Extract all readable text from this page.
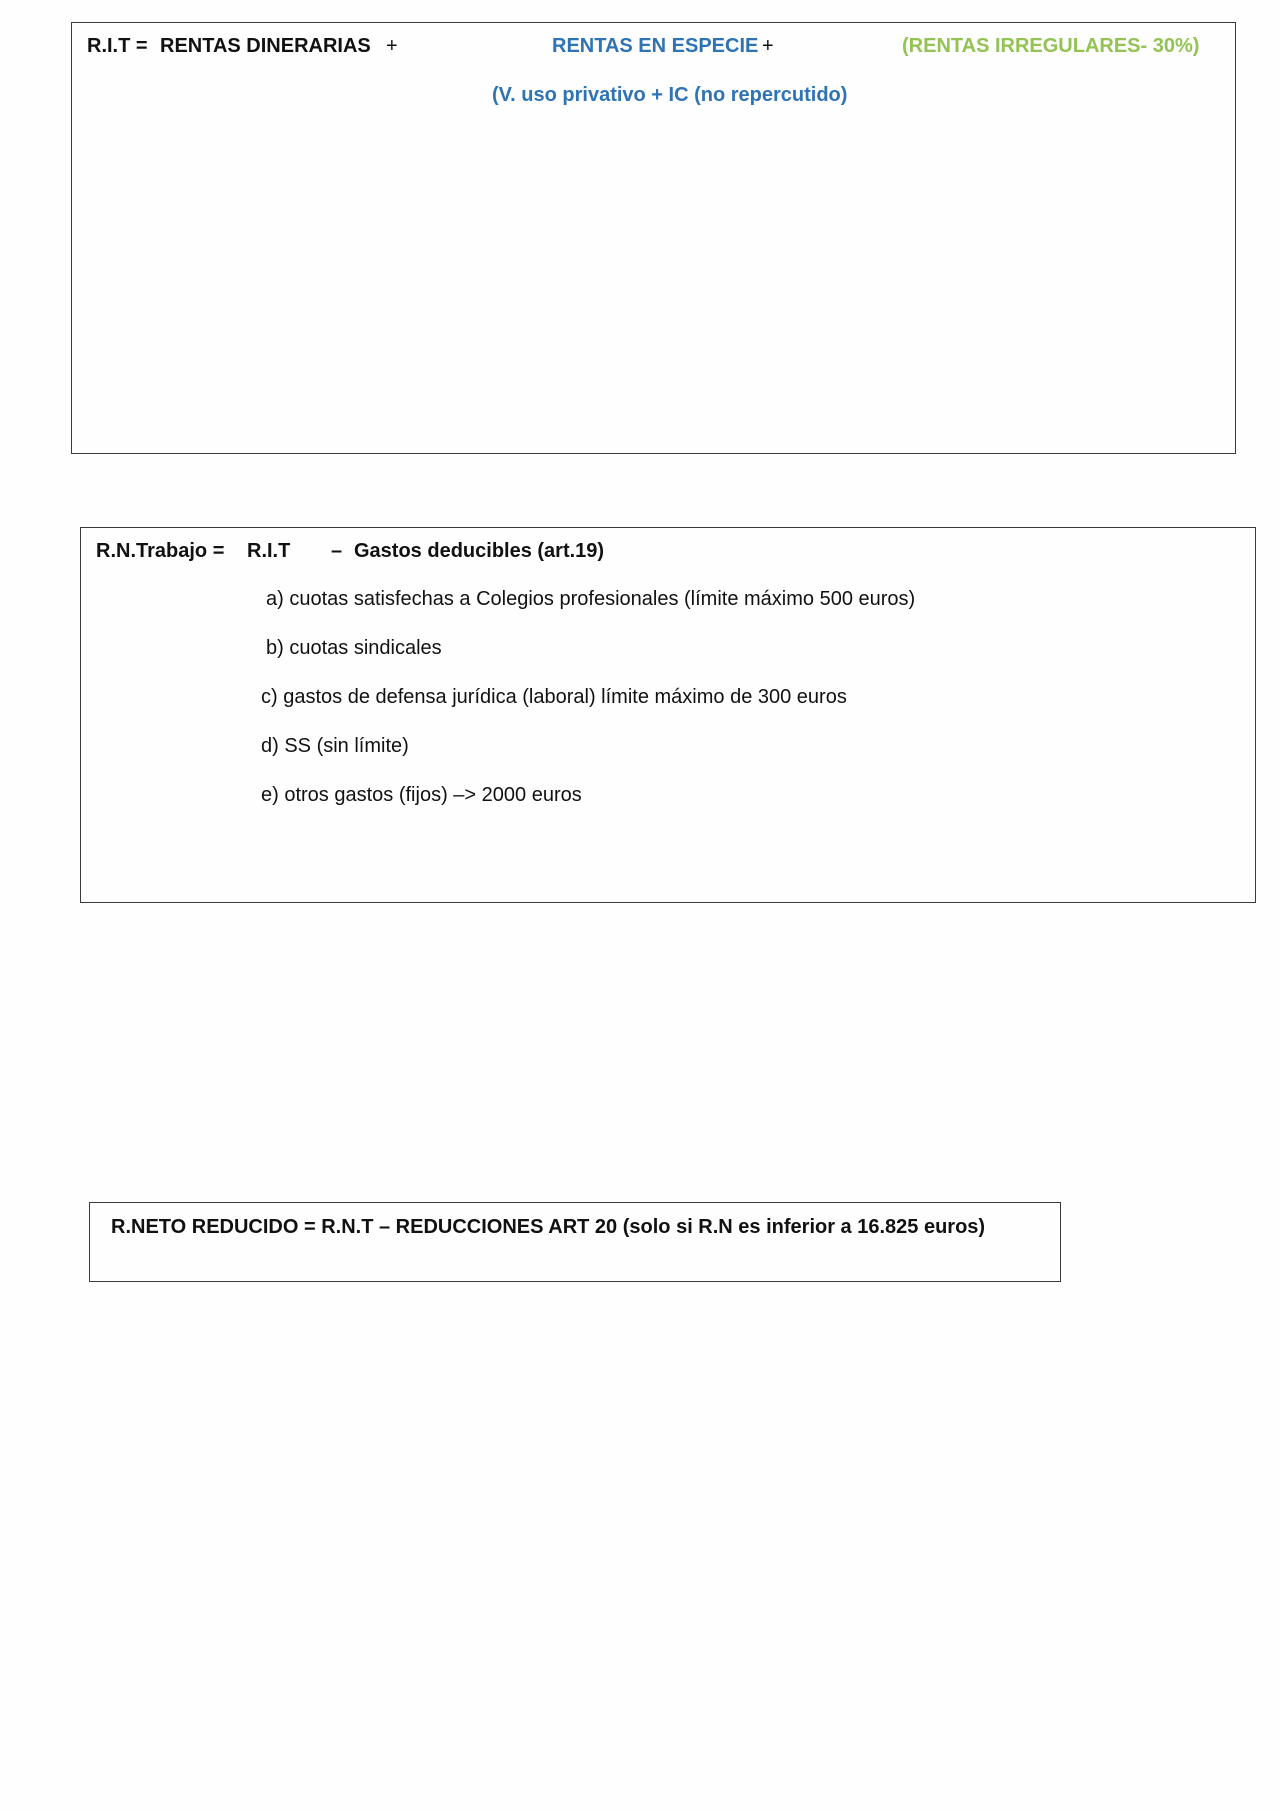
R.I.T = RENTAS DINERARIAS +	RENTAS EN ESPECIE +	(RENTAS IRREGULARES- 30%)
(V. uso privativo + IC (no repercutido)
R.N.Trabajo = R.I.T – Gastos deducibles (art.19)
a) cuotas satisfechas a Colegios profesionales (límite máximo 500 euros)
b) cuotas sindicales
c) gastos de defensa jurídica (laboral) límite máximo de 300 euros
d) SS (sin límite)
e) otros gastos (fijos) –> 2000 euros
R.NETO REDUCIDO = R.N.T – REDUCCIONES ART 20 (solo si R.N es inferior a 16.825 euros)
